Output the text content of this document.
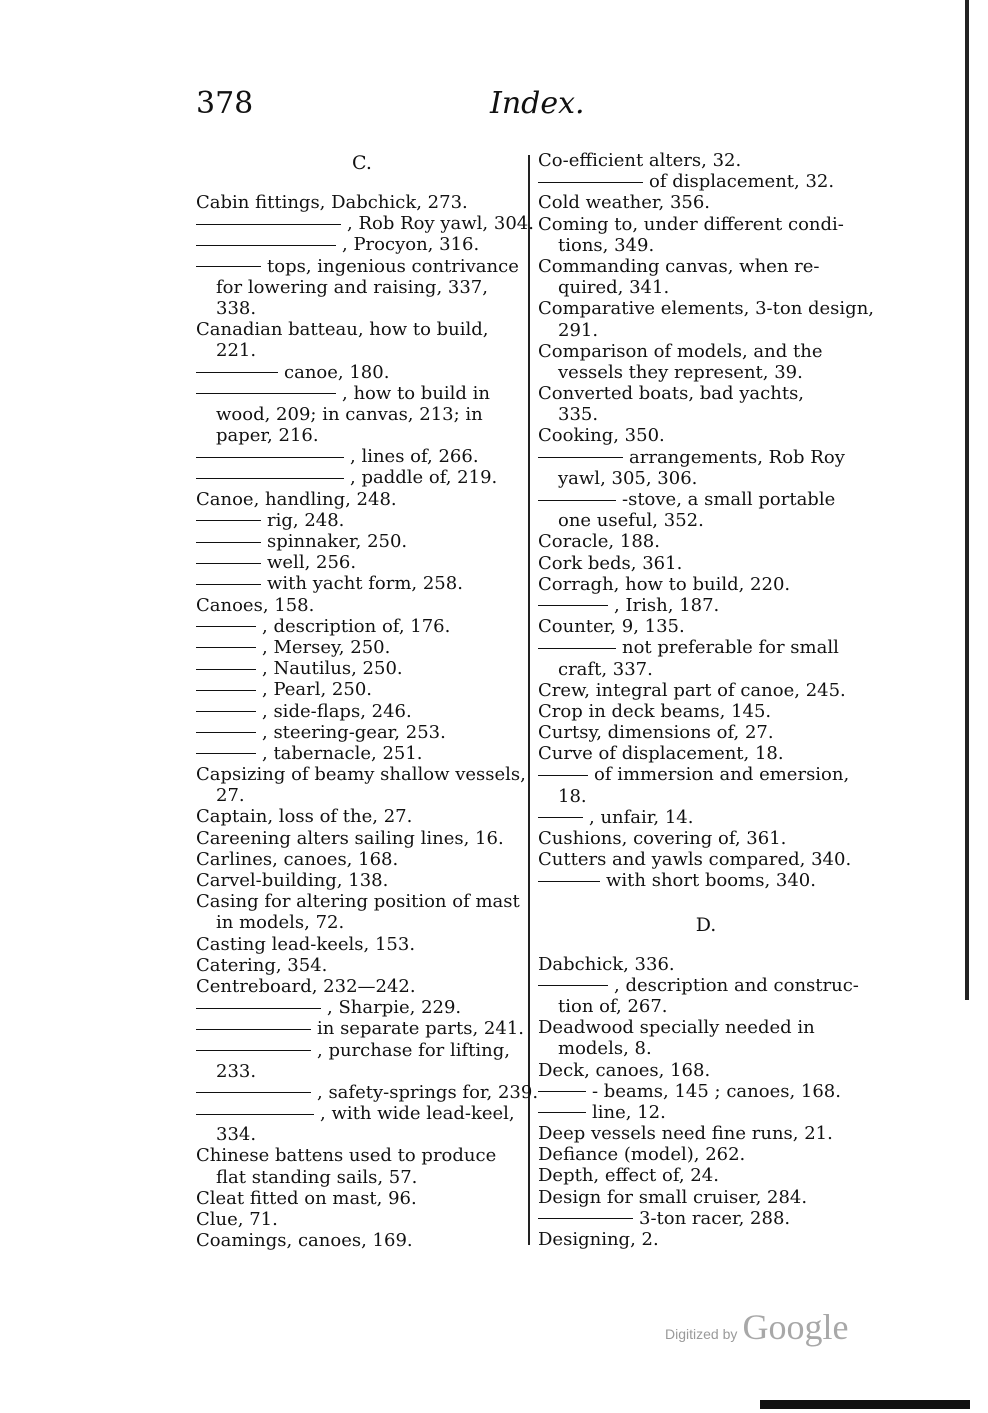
378	Index.
C.
Cabin fittings, Dabchick, 273.
, Rob Roy yawl, 304.
, Procyon, 316.
tops, ingenious contrivance
for lowering and raising, 337,
338.
Canadian batteau, how to build,
221.
canoe, 180.
, how to build in
wood, 209; in canvas, 213; in
paper, 216.
, lines of, 266.
, paddle of, 219.
Canoe, handling, 248.
rig, 248.
spinnaker, 250.
well, 256.
with yacht form, 258.
Canoes, 158.
, description of, 176.
, Mersey, 250.
, Nautilus, 250.
, Pearl, 250.
, side-flaps, 246.
, steering-gear, 253.
, tabernacle, 251.
Capsizing of beamy shallow vessels,
27.
Captain, loss of the, 27.
Careening alters sailing lines, 16.
Carlines, canoes, 168.
Carvel-building, 138.
Casing for altering position of mast
in models, 72.
Casting lead-keels, 153.
Catering, 354.
Centreboard, 232—242.
, Sharpie, 229.
in separate parts, 241.
, purchase for lifting,
233.
, safety-springs for, 239.
, with wide lead-keel,
334.
Chinese battens used to produce
flat standing sails, 57.
Cleat fitted on mast, 96.
Clue, 71.
Coamings, canoes, 169.
Co-efficient alters, 32.
of displacement, 32.
Cold weather, 356.
Coming to, under different condi-
tions, 349.
Commanding canvas, when re-
quired, 341.
Comparative elements, 3-ton design,
291.
Comparison of models, and the
vessels they represent, 39.
Converted boats, bad yachts,
335.
Cooking, 350.
arrangements, Rob Roy
yawl, 305, 306.
-stove, a small portable
one useful, 352.
Coracle, 188.
Cork beds, 361.
Corragh, how to build, 220.
, Irish, 187.
Counter, 9, 135.
not preferable for small
craft, 337.
Crew, integral part of canoe, 245.
Crop in deck beams, 145.
Curtsy, dimensions of, 27.
Curve of displacement, 18.
of immersion and emersion,
18.
, unfair, 14.
Cushions, covering of, 361.
Cutters and yawls compared, 340.
with short booms, 340.
D.
Dabchick, 336.
, description and construc-
tion of, 267.
Deadwood specially needed in
models, 8.
Deck, canoes, 168.
- beams, 145 ; canoes, 168.
line, 12.
Deep vessels need fine runs, 21.
Defiance (model), 262.
Depth, effect of, 24.
Design for small cruiser, 284.
3-ton racer, 288.
Designing, 2.
Digitized by Google
